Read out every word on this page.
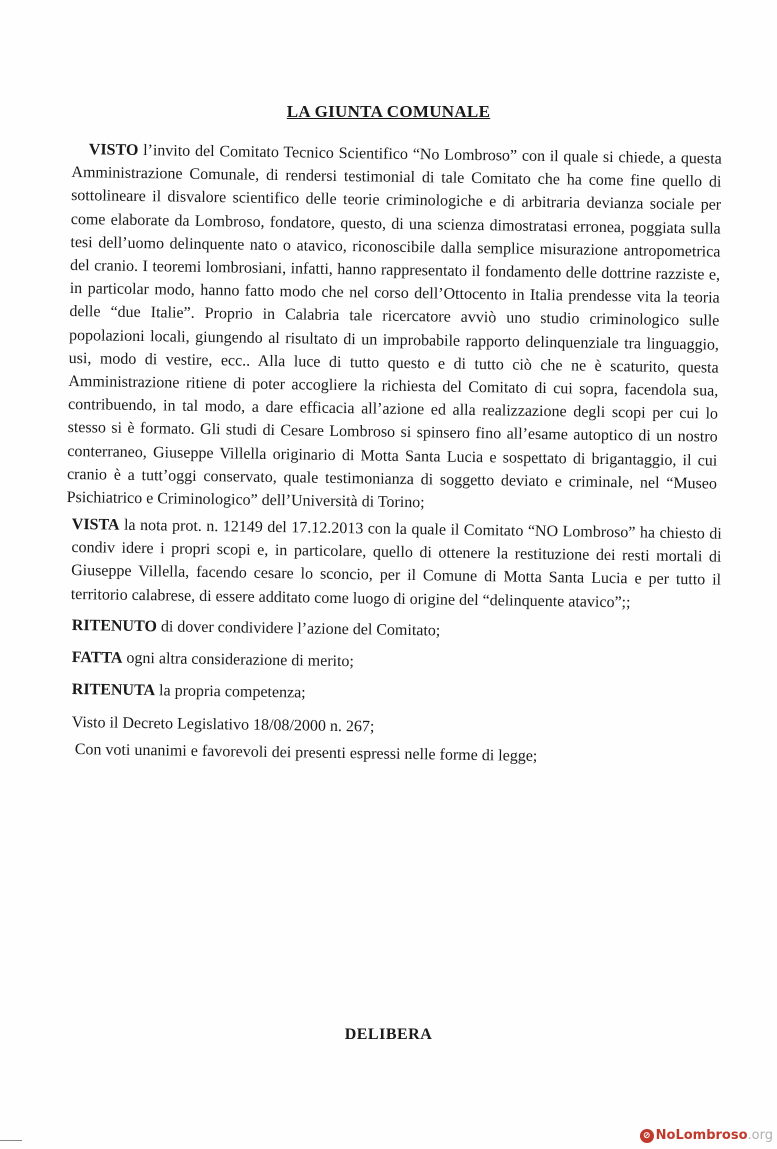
LA GIUNTA COMUNALE

VISTO l’invito del Comitato Tecnico Scientifico “No Lombroso” con il quale si chiede, a questa Amministrazione Comunale, di rendersi testimonial di tale Comitato che ha come fine quello di sottolineare il disvalore scientifico delle teorie criminologiche e di arbitraria devianza sociale per come elaborate da Lombroso, fondatore, questo, di una scienza dimostratasi erronea, poggiata sulla tesi dell’uomo delinquente nato o atavico, riconoscibile dalla semplice misurazione antropometrica del cranio. I teoremi lombrosiani, infatti, hanno rappresentato il fondamento delle dottrine razziste e, in particolar modo, hanno fatto modo che nel corso dell’Ottocento in Italia prendesse vita la teoria delle “due Italie”. Proprio in Calabria tale ricercatore avviò uno studio criminologico sulle popolazioni locali, giungendo al risultato di un improbabile rapporto delinquenziale tra linguaggio, usi, modo di vestire, ecc.. Alla luce di tutto questo e di tutto ciò che ne è scaturito, questa Amministrazione ritiene di poter accogliere la richiesta del Comitato di cui sopra, facendola sua, contribuendo, in tal modo, a dare efficacia all’azione ed alla realizzazione degli scopi per cui lo stesso si è formato. Gli studi di Cesare Lombroso si spinsero fino all’esame autoptico di un nostro conterraneo, Giuseppe Villella originario di Motta Santa Lucia e sospettato di brigantaggio, il cui cranio è a tutt’oggi conservato, quale testimonianza di soggetto deviato e criminale, nel “Museo Psichiatrico e Criminologico” dell’Università di Torino;

VISTA la nota prot. n. 12149 del 17.12.2013 con la quale il Comitato “NO Lombroso” ha chiesto di condiv idere i propri scopi e, in particolare, quello di ottenere la restituzione dei resti mortali di Giuseppe Villella, facendo cesare lo sconcio, per il Comune di Motta Santa Lucia e per tutto il territorio calabrese, di essere additato come luogo di origine del “delinquente atavico”;;

RITENUTO di dover condividere l’azione del Comitato;

FATTA ogni altra considerazione di merito;

RITENUTA la propria competenza;

Visto il Decreto Legislativo 18/08/2000 n. 267;

Con voti unanimi e favorevoli dei presenti espressi nelle forme di legge;

DELIBERA
⊘ NoLombroso .org
